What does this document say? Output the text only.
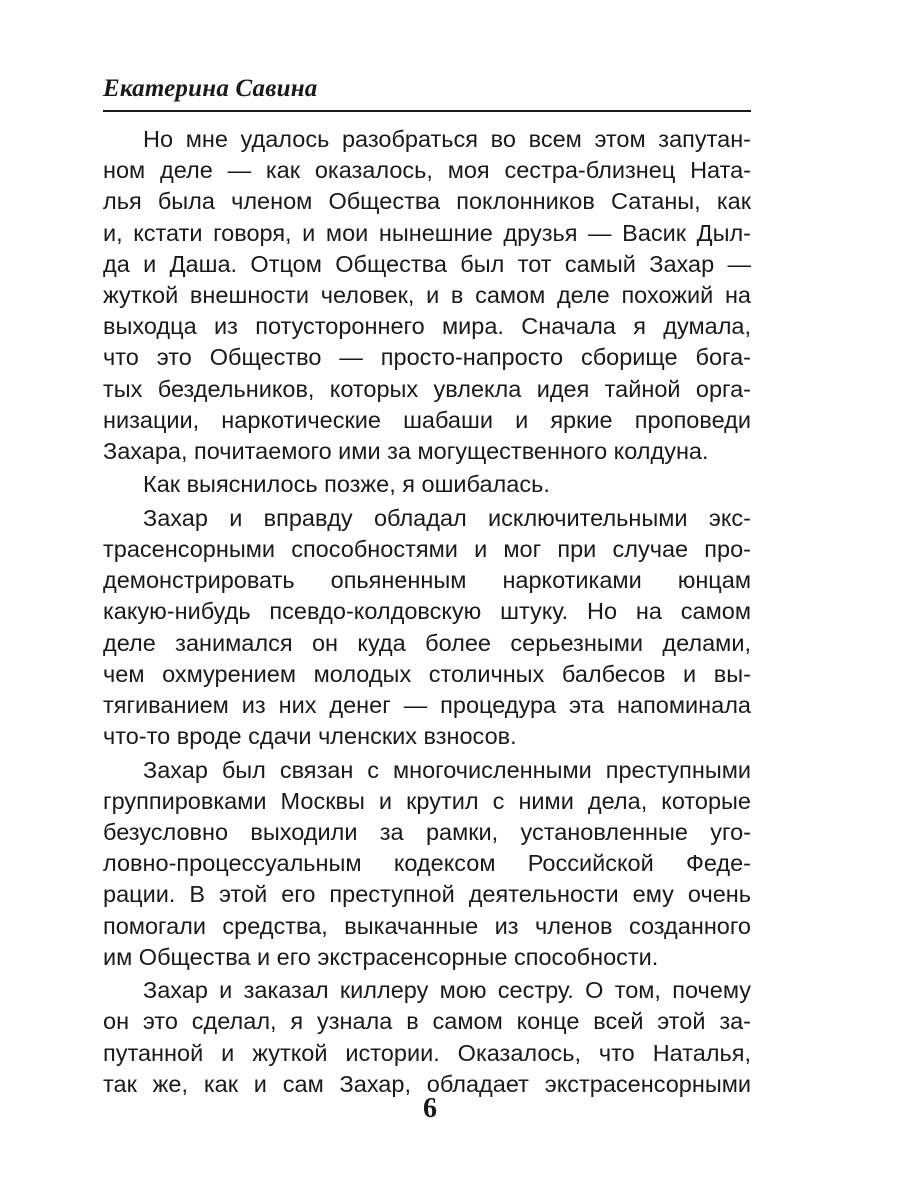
Екатерина Савина

Но мне удалось разобраться во всем этом запутан-
ном деле — как оказалось, моя сестра-близнец Ната-
лья была членом Общества поклонников Сатаны, как
и, кстати говоря, и мои нынешние друзья — Васик Дыл-
да и Даша. Отцом Общества был тот самый Захар —
жуткой внешности человек, и в самом деле похожий на
выходца из потустороннего мира. Сначала я думала,
что это Общество — просто-напросто сборище бога-
тых бездельников, которых увлекла идея тайной орга-
низации, наркотические шабаши и яркие проповеди
Захара, почитаемого ими за могущественного колдуна.

Как выяснилось позже, я ошибалась.

Захар и вправду обладал исключительными экс-
трасенсорными способностями и мог при случае про-
демонстрировать опьяненным наркотиками юнцам
какую-нибудь псевдо-колдовскую штуку. Но на самом
деле занимался он куда более серьезными делами,
чем охмурением молодых столичных балбесов и вы-
тягиванием из них денег — процедура эта напоминала
что-то вроде сдачи членских взносов.

Захар был связан с многочисленными преступными
группировками Москвы и крутил с ними дела, которые
безусловно выходили за рамки, установленные уго-
ловно-процессуальным кодексом Российской Феде-
рации. В этой его преступной деятельности ему очень
помогали средства, выкачанные из членов созданного
им Общества и его экстрасенсорные способности.

Захар и заказал киллеру мою сестру. О том, почему
он это сделал, я узнала в самом конце всей этой за-
путанной и жуткой истории. Оказалось, что Наталья,
так же, как и сам Захар, обладает экстрасенсорными

6
